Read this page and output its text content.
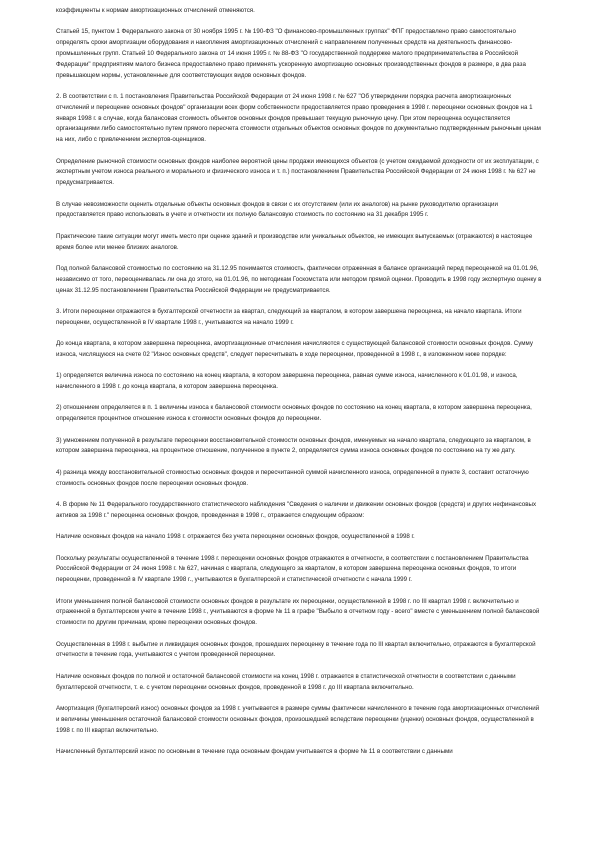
коэффициенты к нормам амортизационных отчислений отменяются.

Статьей 15, пунктом 1 Федерального закона от 30 ноября 1995 г. № 190-ФЗ "О финансово-промышленных группах" ФПГ предоставлено право самостоятельно определять сроки амортизации оборудования и накопления амортизационных отчислений с направлением полученных средств на деятельность финансово-промышленных групп. Статьей 10 Федерального закона от 14 июня 1995 г. № 88-ФЗ "О государственной поддержке малого предпринимательства в Российской Федерации" предприятиям малого бизнеса предоставлено право применять ускоренную амортизацию основных производственных фондов в размере, в два раза превышающем нормы, установленные для соответствующих видов основных фондов.

2. В соответствии с п. 1 постановления Правительства Российской Федерации от 24 июня 1998 г. № 627 "Об утверждении порядка расчета амортизационных отчислений и переоценке основных фондов" организации всех форм собственности предоставляется право проведения в 1998 г. переоценки основных фондов на 1 января 1998 г. в случае, когда балансовая стоимость объектов основных фондов превышает текущую рыночную цену. При этом переоценка осуществляется организациями либо самостоятельно путем прямого пересчета стоимости отдельных объектов основных фондов по документально подтвержденным рыночным ценам на них, либо с привлечением экспертов-оценщиков.

Определение рыночной стоимости основных фондов наиболее вероятной цены продажи имеющихся объектов (с учетом ожидаемой доходности от их эксплуатации, с экспертным учетом износа реального и морального и физического износа и т. п.) постановлением Правительства Российской Федерации от 24 июня 1998 г. № 627 не предусматривается.

В случае невозможности оценить отдельные объекты основных фондов в связи с их отсутствием (или их аналогов) на рынке руководителю организации предоставляется право использовать в учете и отчетности их полную балансовую стоимость по состоянию на 31 декабря 1995 г.

Практические такие ситуации могут иметь место при оценке зданий и производстве или уникальных объектов, не имеющих выпускаемых (отражаются) в настоящее время более или менее близких аналогов.

Под полной балансовой стоимостью по состоянию на 31.12.95 понимается стоимость, фактически отраженная в балансе организаций перед переоценкой на 01.01.96, независимо от того, переоценивалась ли она до этого, на 01.01.96, по методикам Госкомстата или методом прямой оценки. Проводить в 1998 году экспертную оценку в ценах 31.12.95 постановлением Правительства Российской Федерации не предусматривается.

3. Итоги переоценки отражаются в бухгалтерской отчетности за квартал, следующий за кварталом, в котором завершена переоценка, на начало квартала. Итоги переоценки, осуществленной в IV квартале 1998 г., учитываются на начало 1999 г.

До конца квартала, в котором завершена переоценка, амортизационные отчисления начисляются с существующей балансовой стоимости основных фондов. Сумму износа, числящуюся на счете 02 "Износ основных средств", следует пересчитывать в ходе переоценки, проведенной в 1998 г., в изложенном ниже порядке:

1) определяется величина износа по состоянию на конец квартала, в котором завершена переоценка, равная сумме износа, начисленного к 01.01.98, и износа, начисленного в 1998 г. до конца квартала, в котором завершена переоценка.

2) отношением определяется в п. 1 величины износа к балансовой стоимости основных фондов по состоянию на конец квартала, в котором завершена переоценка, определяется процентное отношение износа к стоимости основных фондов до переоценки.

3) умножением полученной в результате переоценки восстановительной стоимости основных фондов, именуемых на начало квартала, следующего за кварталом, в котором завершена переоценка, на процентное отношение, полученное в пункте 2, определяется сумма износа основных фондов по состоянию на ту же дату.

4) разница между восстановительной стоимостью основных фондов и пересчитанной суммой начисленного износа, определенной в пункте 3, составит остаточную стоимость основных фондов после переоценки основных фондов.

4. В форме № 11 Федерального государственного статистического наблюдения "Сведения о наличии и движении основных фондов (средств) и других нефинансовых активов за 1998 г." переоценка основных фондов, проведенная в 1998 г., отражается следующим образом:

Наличие основных фондов на начало 1998 г. отражается без учета переоценки основных фондов, осуществленной в 1998 г.

Поскольку результаты осуществленной в течение 1998 г. переоценки основных фондов отражаются в отчетности, в соответствии с постановлением Правительства Российской Федерации от 24 июня 1998 г. № 627, начиная с квартала, следующего за кварталом, в котором завершена переоценка основных фондов, то итоги переоценки, проведенной в IV квартале 1998 г., учитываются в бухгалтерской и статистической отчетности с начала 1999 г.

Итоги уменьшения полной балансовой стоимости основных фондов в результате их переоценки, осуществленной в 1998 г. по III квартал 1998 г. включительно и отраженной в бухгалтерском учете в течение 1998 г., учитываются в форме № 11 в графе "Выбыло в отчетном году - всего" вместе с уменьшением полной балансовой стоимости по другим причинам, кроме переоценки основных фондов.

Осуществленная в 1998 г. выбытие и ликвидация основных фондов, прошедших переоценку в течение года по III квартал включительно, отражаются в бухгалтерской отчетности в течение года, учитываются с учетом проведенной переоценки.

Наличие основных фондов по полной и остаточной балансовой стоимости на конец 1998 г. отражается в статистической отчетности в соответствии с данными бухгалтерской отчетности, т. е. с учетом переоценки основных фондов, проведенной в 1998 г. до III квартала включительно.

Амортизация (бухгалтерский износ) основных фондов за 1998 г. учитывается в размере суммы фактически начисленного в течение года амортизационных отчислений и величины уменьшения остаточной балансовой стоимости основных фондов, произошедшей вследствие переоценки (уценки) основных фондов, осуществленной в 1998 г. по III квартал включительно.

Начисленный бухгалтерский износ по основным в течение года основным фондам учитывается в форме № 11 в соответствии с данными
